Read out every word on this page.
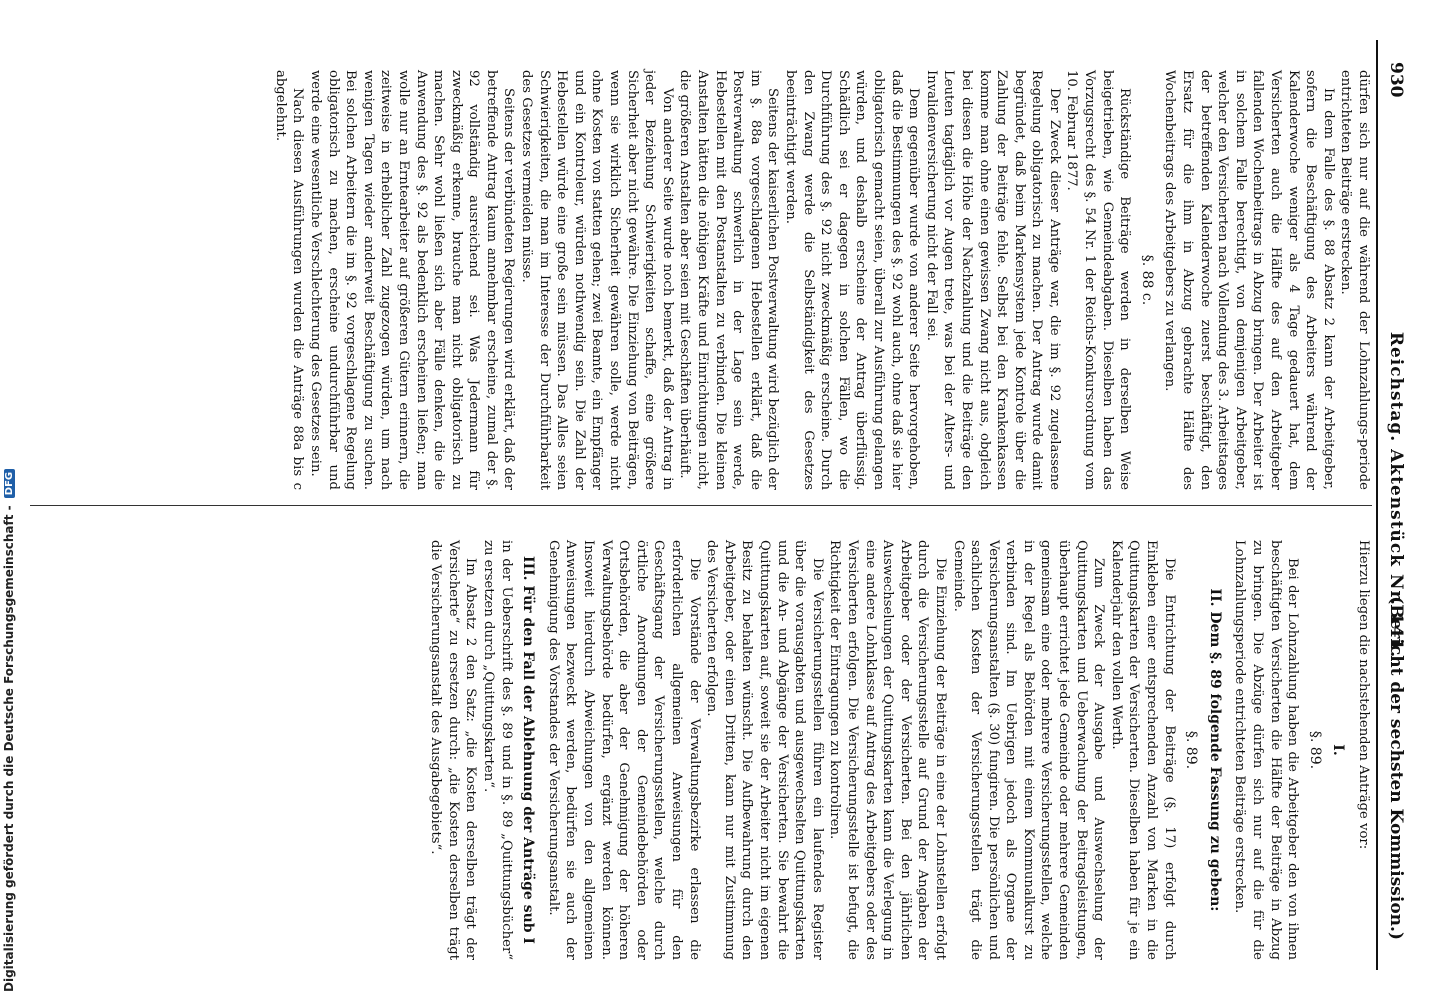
930
Reichstag. Aktenstück Nr. 141.
(Bericht der sechsten Kommission.)

dürfen sich nur auf die während der Lohnzahlungs-periode entrichteten Beiträge erstrecken.

In dem Falle des §. 88 Absatz 2 kann der Arbeitgeber, sofern die Beschäftigung des Arbeiters während der Kalenderwoche weniger als 4 Tage gedauert hat, dem Versicherten auch die Hälfte des auf den Arbeitgeber fallenden Wochenbeitrags in Abzug bringen. Der Arbeiter ist in solchem Falle berechtigt, von demjenigen Arbeitgeber, welcher den Versicherten nach Vollendung des 3. Arbeitstages der betreffenden Kalenderwoche zuerst beschäftigt, den Ersatz für die ihm in Abzug gebrachte Hälfte des Wochenbeitrags des Arbeitgebers zu verlangen.

§. 88 c.

Rückständige Beiträge werden in derselben Weise beigetrieben, wie Gemeindeabgaben. Dieselben haben das Vorzugsrecht des §. 54 Nr. 1 der Reichs-Konkursordnung vom 10. Februar 1877.

Der Zweck dieser Anträge war, die im §. 92 zugelassene Regelung obligatorisch zu machen. Der Antrag wurde damit begründet, daß beim Markensystem jede Kontrole über die Zahlung der Beiträge fehle. Selbst bei den Krankenkassen komme man ohne einen gewissen Zwang nicht aus, obgleich bei diesen die Höhe der Nachzahlung und die Beiträge den Leuten tagtäglich vor Augen trete, was bei der Alters- und Invalidenversicherung nicht der Fall sei.

Dem gegenüber wurde von anderer Seite hervorgehoben, daß die Bestimmungen des §. 92 wohl auch, ohne daß sie hier obligatorisch gemacht seien, überall zur Ausführung gelangen würden, und deshalb erscheine der Antrag überflüssig. Schädlich sei er dagegen in solchen Fällen, wo die Durchführung des §. 92 nicht zweckmäßig erscheine. Durch den Zwang werde die Selbständigkeit des Gesetzes beeinträchtigt werden.

Seitens der kaiserlichen Postverwaltung wird bezüglich der im §. 88a vorgeschlagenen Hebestellen erklärt, daß die Postverwaltung schwerlich in der Lage sein werde, Hebestellen mit den Postanstalten zu verbinden. Die kleinen Anstalten hätten die nöthigen Kräfte und Einrichtungen nicht, die größeren Anstalten aber seien mit Geschäften überhäuft.

Von anderer Seite wurde noch bemerkt, daß der Antrag in jeder Beziehung Schwierigkeiten schaffe, eine größere Sicherheit aber nicht gewähre. Die Einziehung von Beiträgen, wenn sie wirklich Sicherheit gewähren solle, werde nicht ohne Kosten von statten gehen; zwei Beamte, ein Empfänger und ein Kontroleur, würden nothwendig sein. Die Zahl der Hebestellen würde eine große sein müssen. Das Alles seien Schwierigkeiten, die man im Interesse der Durchführbarkeit des Gesetzes vermeiden müsse.

Seitens der verbündeten Regierungen wird erklärt, daß der betreffende Antrag kaum annehmbar erscheine, zumal der §. 92 vollständig ausreichend sei. Was Jedermann für zweckmäßig erkenne, brauche man nicht obligatorisch zu machen. Sehr wohl ließen sich aber Fälle denken, die die Anwendung des §. 92 als bedenklich erscheinen ließen; man wolle nur an Erntearbeiter auf größeren Gütern erinnern, die zeitweise in erheblicher Zahl zugezogen würden, um nach wenigen Tagen wieder anderweit Beschäftigung zu suchen. Bei solchen Arbeitern die im §. 92 vorgeschlagene Regelung obligatorisch zu machen, erscheine undurchführbar und werde eine wesentliche Verschlechterung des Gesetzes sein.

Nach diesen Ausführungen wurden die Anträge 88a bis c abgelehnt.

Hierzu liegen die nachstehenden Anträge vor:

I.
§. 89.

Bei der Lohnzahlung haben die Arbeitgeber den von ihnen beschäftigten Versicherten die Hälfte der Beiträge in Abzug zu bringen. Die Abzüge dürfen sich nur auf die für die Lohnzahlungsperiode entrichteten Beiträge erstrecken.

II. Dem §. 89 folgende Fassung zu geben:
§. 89.

Die Entrichtung der Beiträge (§. 17) erfolgt durch Einkleben einer entsprechenden Anzahl von Marken in die Quittungskarten der Versicherten. Dieselben haben für je ein Kalenderjahr den vollen Werth.

Zum Zweck der Ausgabe und Auswechselung der Quittungskarten und Ueberwachung der Beitragsleistungen, überhaupt errichtet jede Gemeinde oder mehrere Gemeinden gemeinsam eine oder mehrere Versicherungsstellen, welche in der Regel als Behörden mit einem Kommunalkurst zu verbinden sind. Im Uebrigen jedoch als Organe der Versicherungsanstalten (§. 30) fungiren. Die persönlichen und sachlichen Kosten der Versicherungsstellen trägt die Gemeinde.

Die Einziehung der Beiträge in eine der Lohnstellen erfolgt durch die Versicherungsstelle auf Grund der Angaben der Arbeitgeber oder der Versicherten. Bei den jährlichen Auswechselungen der Quittungskarten kann die Verlegung in eine andere Lohnklasse auf Antrag des Arbeitgebers oder des Versicherten erfolgen. Die Versicherungsstelle ist befugt, die Richtigkeit der Eintragungen zu kontroliren.

Die Versicherungsstellen führen ein laufendes Register über die vorausgabten und ausgewechselten Quittungskarten und die An- und Abgänge der Versicherten. Sie bewahrt die Quittungskarten auf, soweit sie der Arbeiter nicht im eigenen Besitz zu behalten wünscht. Die Aufbewahrung durch den Arbeitgeber, oder einen Dritten, kann nur mit Zustimmung des Versicherten erfolgen.

Die Vorstände der Verwaltungsbezirke erlassen die erforderlichen allgemeinen Anweisungen für den Geschäftsgang der Versicherungsstellen, welche durch örtliche Anordnungen der Gemeindebehörden oder Ortsbehörden, die aber der Genehmigung der höheren Verwaltungsbehörde bedürfen, ergänzt werden können. Insoweit hierdurch Abweichungen von den allgemeinen Anweisungen bezweckt werden, bedürfen sie auch der Genehmigung des Vorstandes der Versicherungsanstalt.

III. Für den Fall der Ablehnung der Anträge sub I

in der Ueberschrift des §. 89 und in §. 89 „Quittungsbücher“ zu ersetzen durch „Quittungskarten“.

Im Absatz 2 den Satz: „die Kosten derselben trägt der Versicherte“ zu ersetzen durch: „die Kosten derselben trägt die Versicherungsanstalt des Ausgabegebiets“.

Digitalisierung gefördert durch die Deutsche Forschungsgemeinschaft - DFG
